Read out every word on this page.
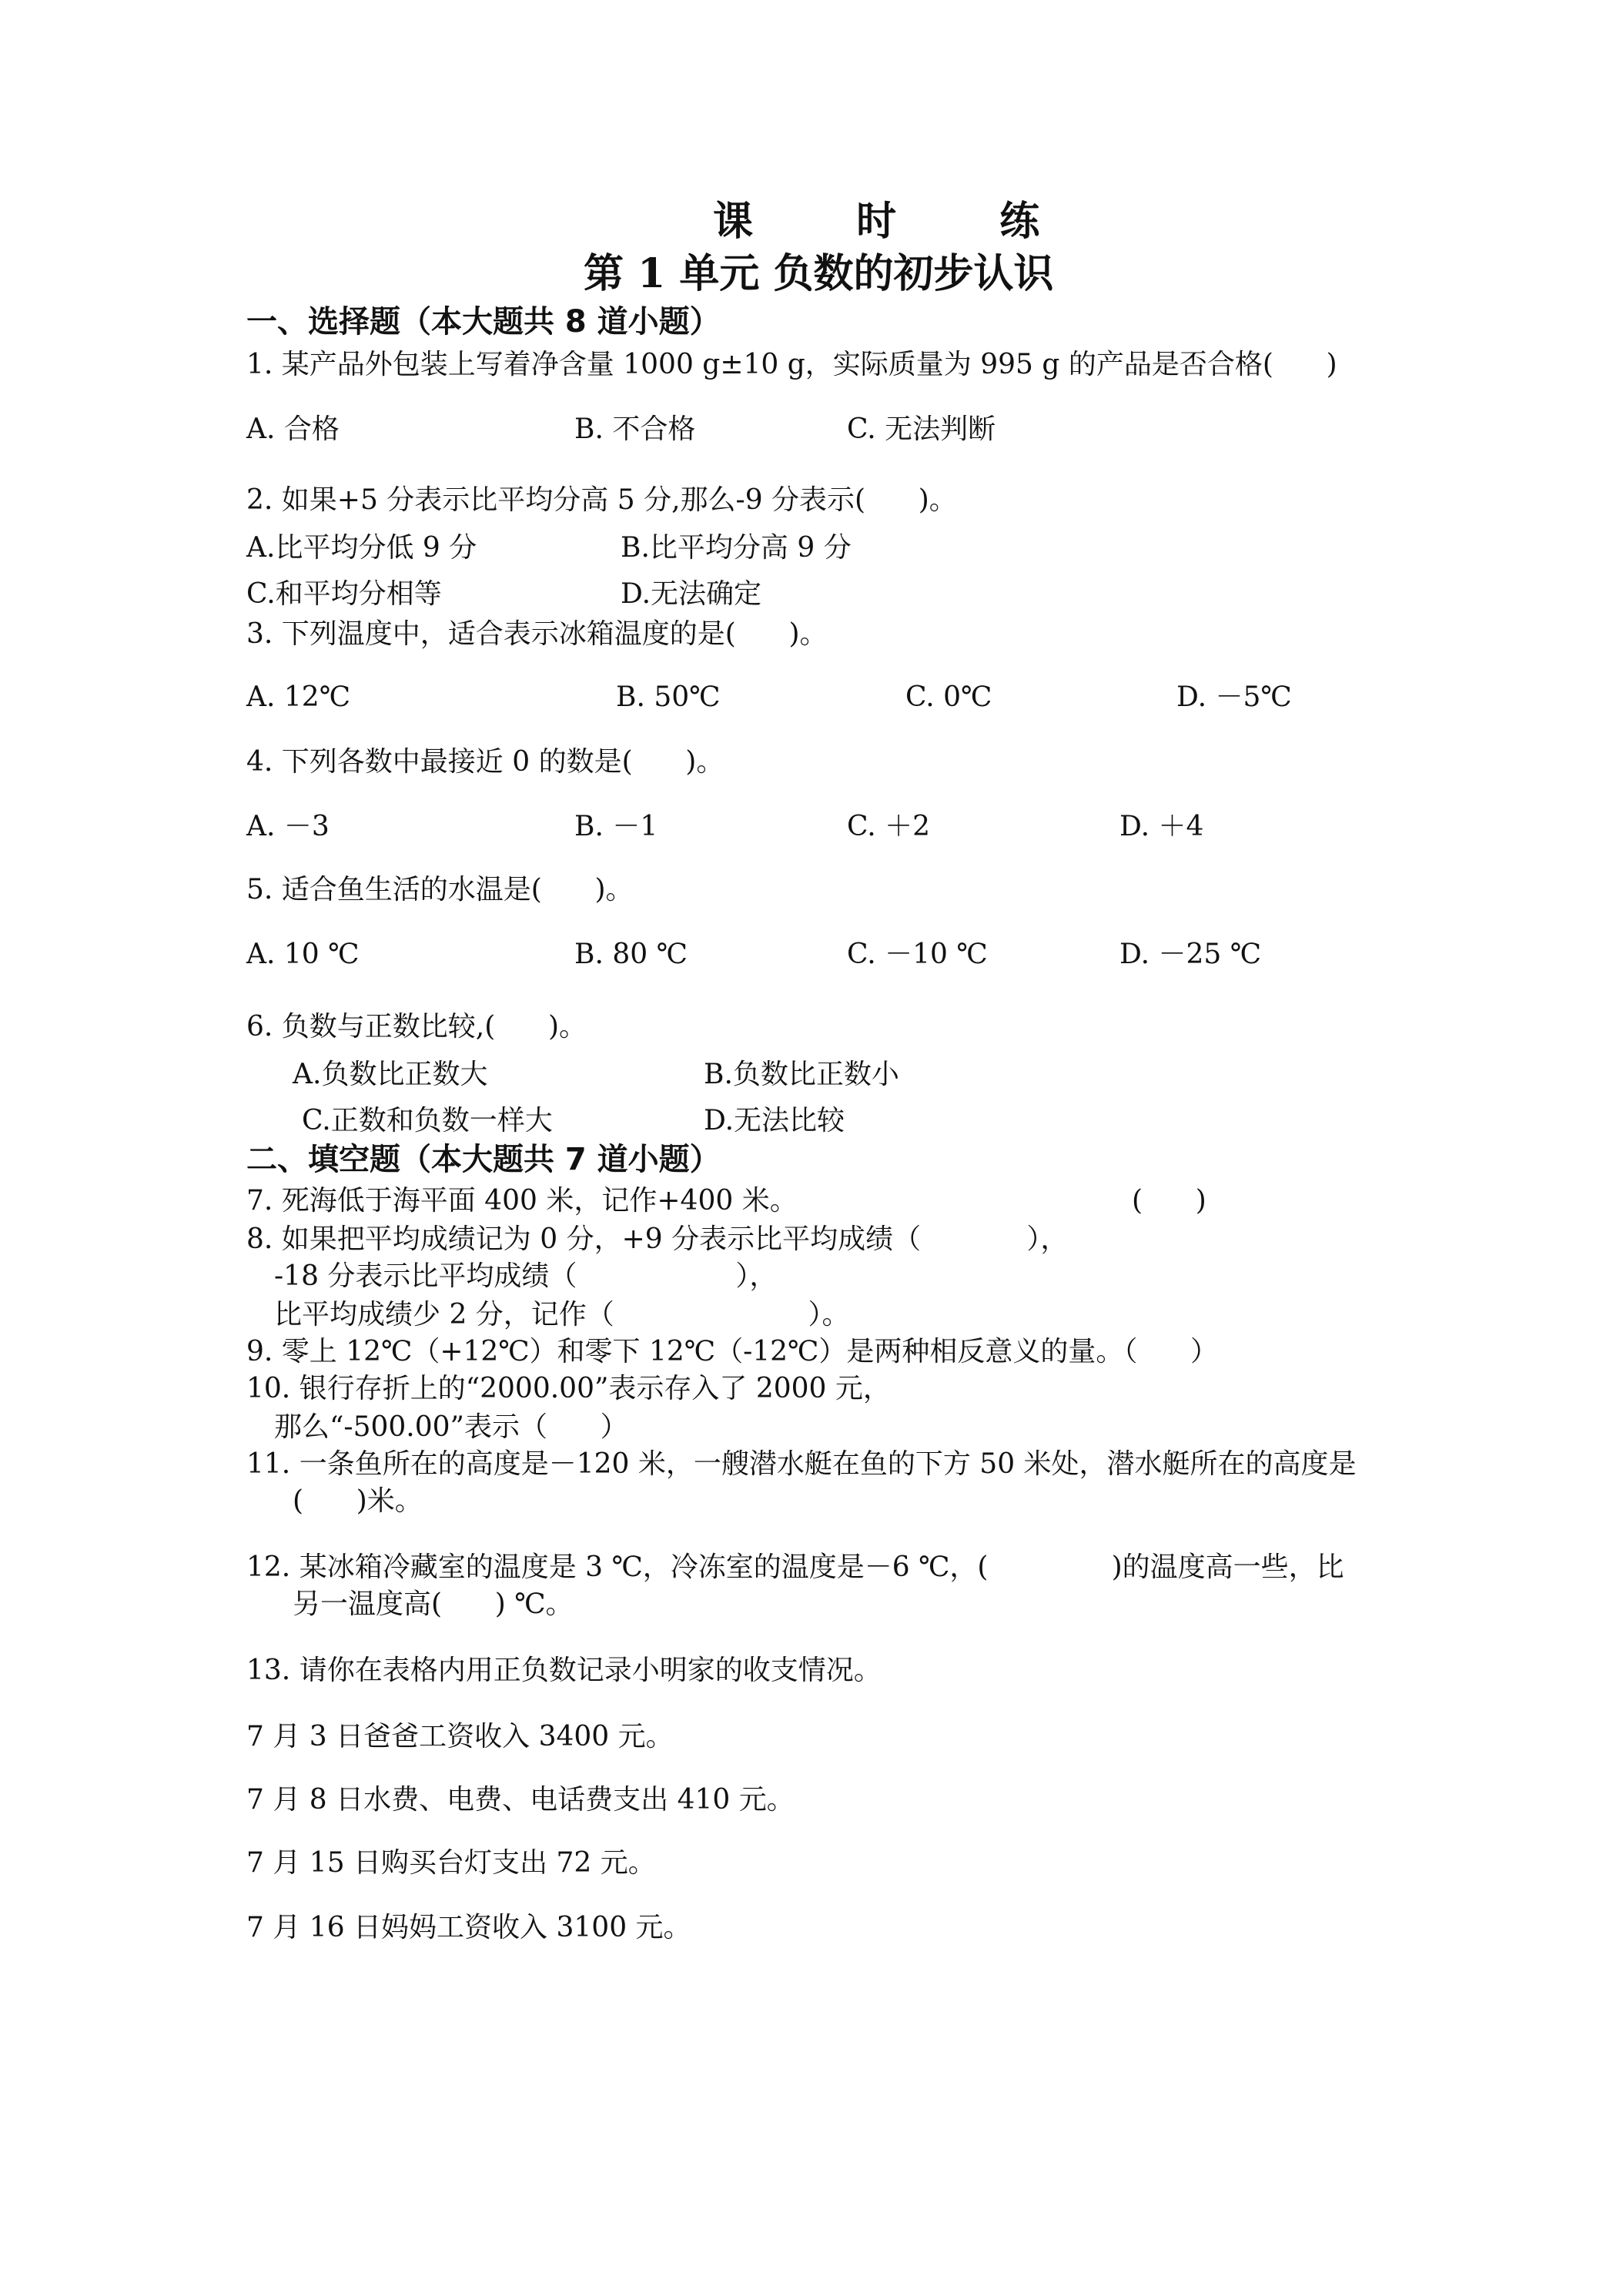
课 时 练
第 1 单元 负数的初步认识
一、选择题（本大题共 8 道小题）
1. 某产品外包装上写着净含量 1000 g±10 g，实际质量为 995 g 的产品是否合格(      )
A. 合格	B. 不合格	C. 无法判断
2. 如果+5 分表示比平均分高 5 分,那么-9 分表示(      )。
A.比平均分低 9 分	B.比平均分高 9 分
C.和平均分相等	D.无法确定
3. 下列温度中，适合表示冰箱温度的是(      )。
A. 12℃	B. 50℃	C. 0℃	D. －5℃
4. 下列各数中最接近 0 的数是(      )。
A. －3	B. －1	C. ＋2	D. ＋4
5. 适合鱼生活的水温是(      )。
A. 10 ℃	B. 80 ℃	C. －10 ℃	D. －25 ℃
6. 负数与正数比较,(      )。
A.负数比正数大	B.负数比正数小
C.正数和负数一样大	D.无法比较
二、填空题（本大题共 7 道小题）
7. 死海低于海平面 400 米，记作+400 米。	(      )
8. 如果把平均成绩记为 0 分，+9 分表示比平均成绩（            ），
-18 分表示比平均成绩（                  ），
比平均成绩少 2 分，记作（                      ）。
9. 零上 12℃（+12℃）和零下 12℃（-12℃）是两种相反意义的量。（      ）
10. 银行存折上的“2000.00”表示存入了 2000 元，
那么“-500.00”表示（      ）
11. 一条鱼所在的高度是－120 米，一艘潜水艇在鱼的下方 50 米处，潜水艇所在的高度是
(      )米。
12. 某冰箱冷藏室的温度是 3 ℃，冷冻室的温度是－6 ℃，(              )的温度高一些，比
另一温度高(      ) ℃。
13. 请你在表格内用正负数记录小明家的收支情况。
7 月 3 日爸爸工资收入 3400 元。
7 月 8 日水费、电费、电话费支出 410 元。
7 月 15 日购买台灯支出 72 元。
7 月 16 日妈妈工资收入 3100 元。
